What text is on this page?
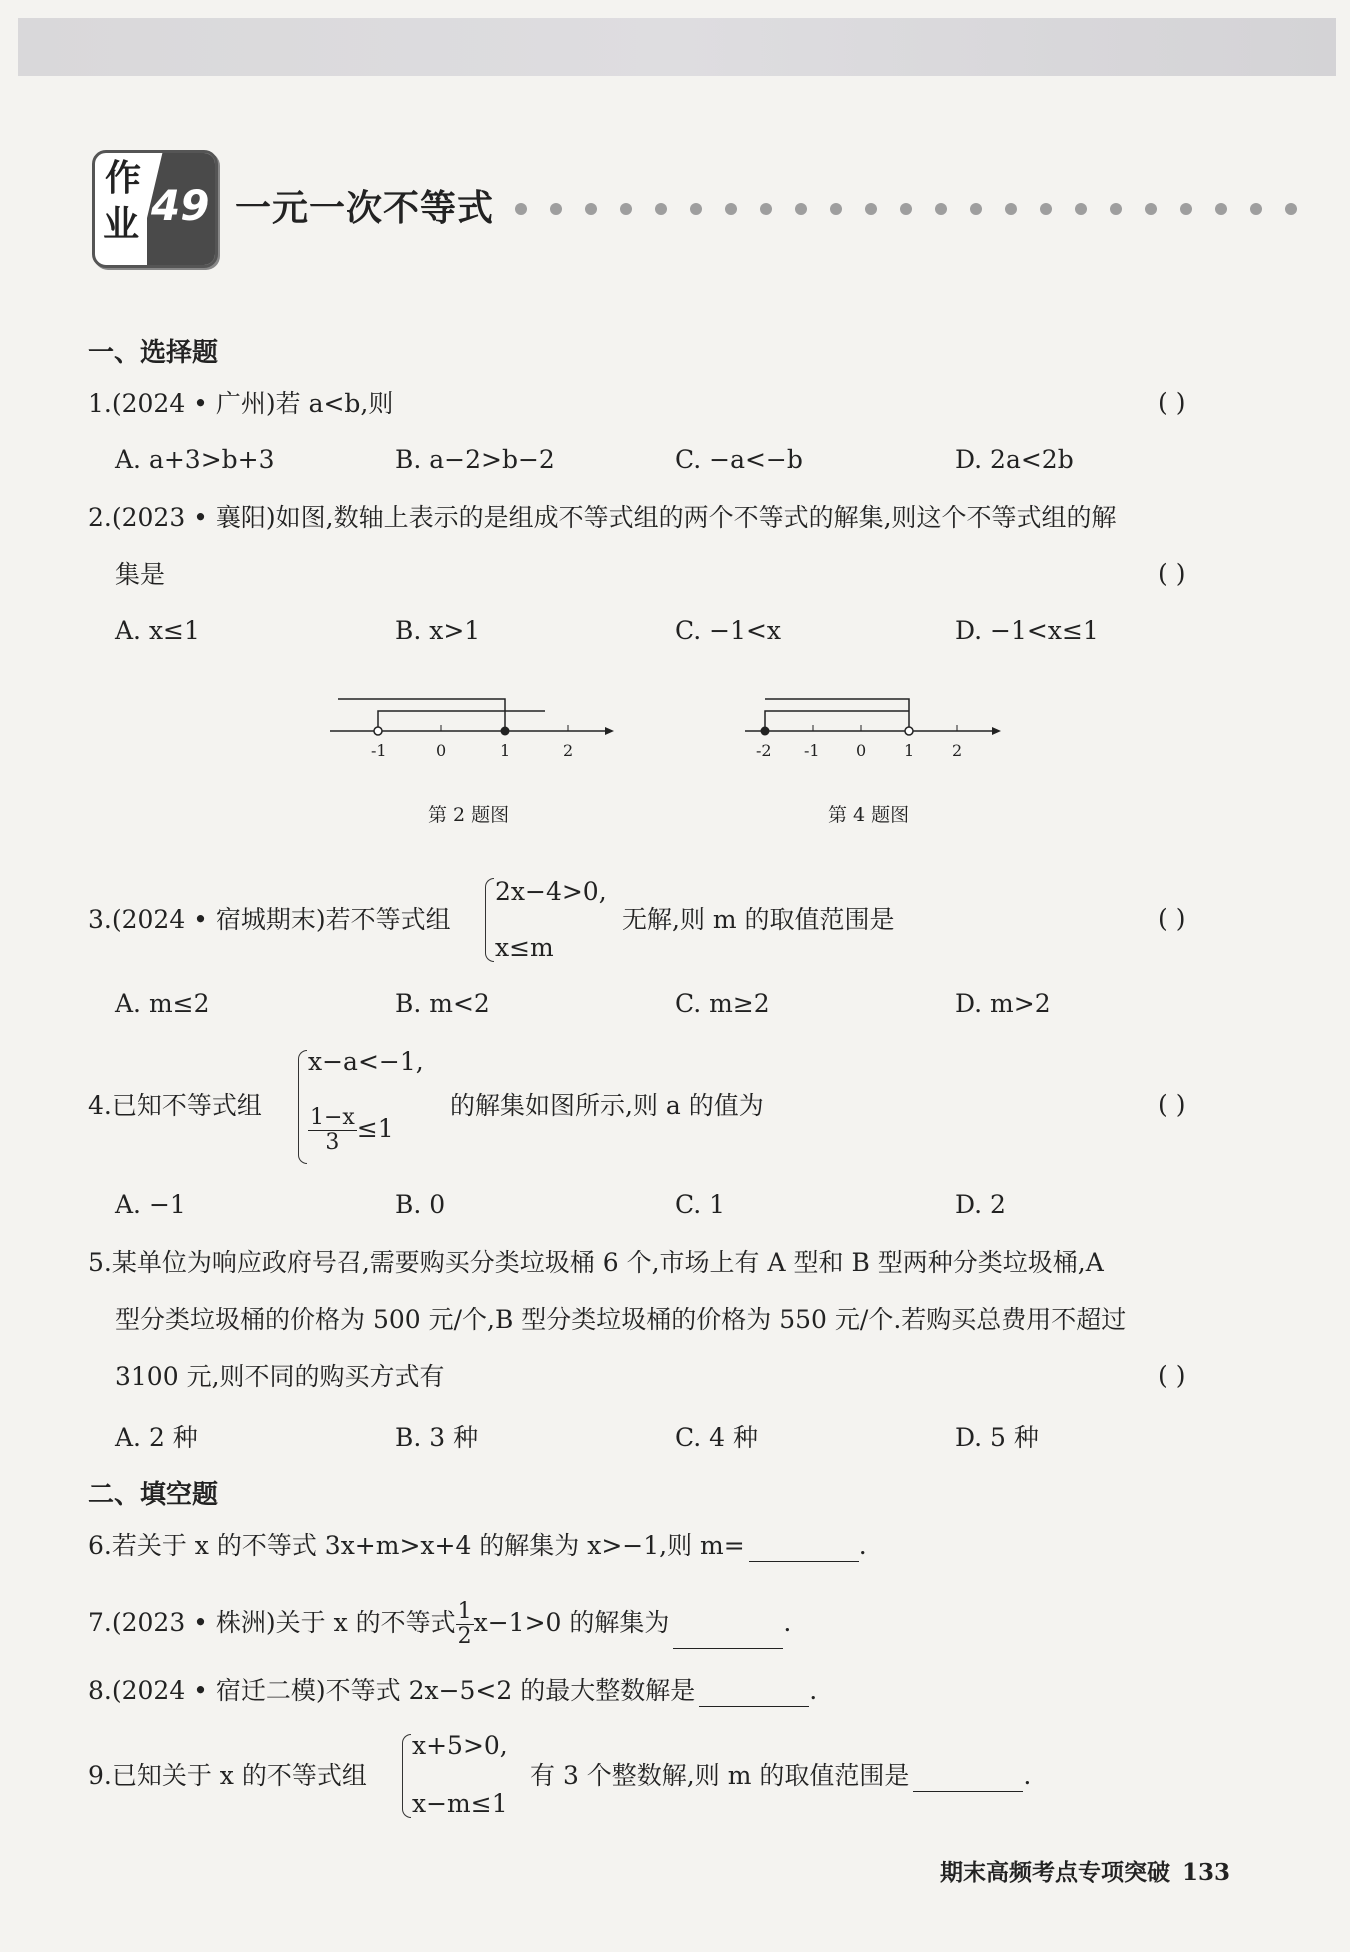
作
业 49 一元一次不等式
一、选择题
1.(2024 • 广州)若 a<b,则	( )
A. a+3>b+3	B. a−2>b−2	C. −a<−b	D. 2a<2b
2.(2023 • 襄阳)如图,数轴上表示的是组成不等式组的两个不等式的解集,则这个不等式组的解
集是	( )
A. x≤1	B. x>1	C. −1<x	D. −1<x≤1
-1	0	1	2
第 2 题图
-2 -1 0 1 2
第 4 题图
3.(2024 • 宿城期末)若不等式组
2x−4>0,
x≤m
无解,则 m 的取值范围是	( )
A. m≤2	B. m<2	C. m≥2	D. m>2
4.已知不等式组
x−a<−1,
$\frac{1-x}{3}\le 1$
的解集如图所示,则 a 的值为	( )
A. −1	B. 0	C. 1	D. 2
5.某单位为响应政府号召,需要购买分类垃圾桶 6 个,市场上有 A 型和 B 型两种分类垃圾桶,A
型分类垃圾桶的价格为 500 元/个,B 型分类垃圾桶的价格为 550 元/个.若购买总费用不超过
3100 元,则不同的购买方式有	( )
A. 2 种	B. 3 种	C. 4 种	D. 5 种
二、填空题
6.若关于 x 的不等式 3x+m>x+4 的解集为 x>−1,则 m=	.
7.(2023 • 株洲)关于 x 的不等式 $\frac{1}{2}x-1>0$ 的解集为	.
8.(2024 • 宿迁二模)不等式 2x−5<2 的最大整数解是	.
9.已知关于 x 的不等式组
x+5>0,
x−m≤1
有 3 个整数解,则 m 的取值范围是	.
期末高频考点专项突破 133
